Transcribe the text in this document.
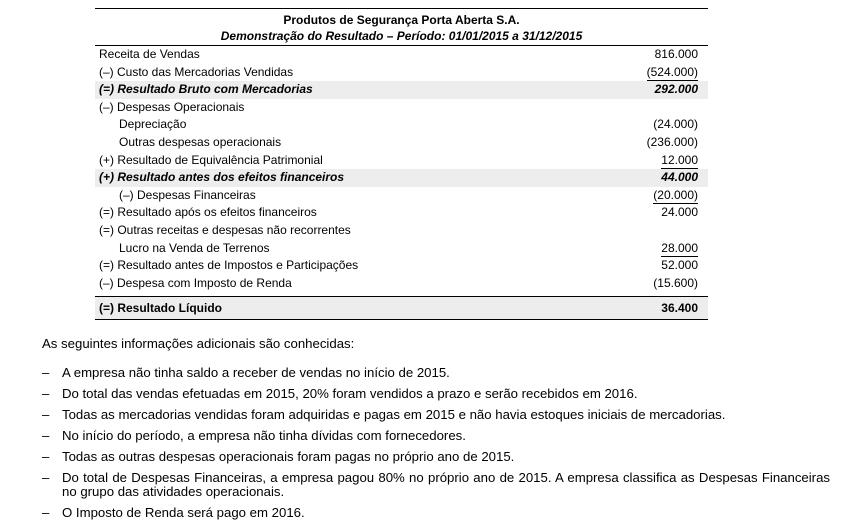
Produtos de Segurança Porta Aberta S.A.
Demonstração do Resultado – Período: 01/01/2015 a 31/12/2015
Receita de Vendas	816.000
(–) Custo das Mercadorias Vendidas	(524.000)
(=) Resultado Bruto com Mercadorias	292.000
(–) Despesas Operacionais
Depreciação	(24.000)
Outras despesas operacionais	(236.000)
(+) Resultado de Equivalência Patrimonial	12.000
(+) Resultado antes dos efeitos financeiros	44.000
(–) Despesas Financeiras	(20.000)
(=) Resultado após os efeitos financeiros	24.000
(=) Outras receitas e despesas não recorrentes
Lucro na Venda de Terrenos	28.000
(=) Resultado antes de Impostos e Participações	52.000
(–) Despesa com Imposto de Renda	(15.600)
(=) Resultado Líquido	36.400
As seguintes informações adicionais são conhecidas:
– A empresa não tinha saldo a receber de vendas no início de 2015.
– Do total das vendas efetuadas em 2015, 20% foram vendidos a prazo e serão recebidos em 2016.
– Todas as mercadorias vendidas foram adquiridas e pagas em 2015 e não havia estoques iniciais de mercadorias.
– No início do período, a empresa não tinha dívidas com fornecedores.
– Todas as outras despesas operacionais foram pagas no próprio ano de 2015.
– Do total de Despesas Financeiras, a empresa pagou 80% no próprio ano de 2015. A empresa classifica as Despesas Financeiras no grupo das atividades operacionais.
– O Imposto de Renda será pago em 2016.
